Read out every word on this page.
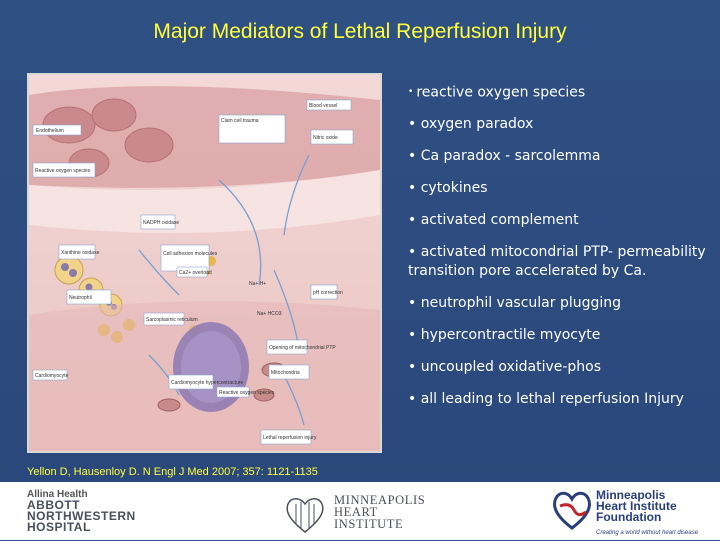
Major Mediators of Lethal Reperfusion Injury
Endothelium
Clam cell trauma
Blood vessel
Reactive oxygen species
NADPH oxidase
Cell adhesion molecules
Xanthine oxidase
Neutrophil
Ca2+ overload
Sarcoplasmic reticulum
Opening of mitochondrial PTP
Mitochondria
Cardiomyocyte hypercontracture
Cardiomyocyte
Reactive oxygen species
Lethal reperfusion injury
pH correction
Nitric oxide
Na+ H+
Na+ HCO3
• reactive oxygen species
• oxygen paradox
• Ca paradox - sarcolemma
• cytokines
• activated complement
• activated mitocondrial PTP- permeability transition pore accelerated by Ca.
• neutrophil vascular plugging
• hypercontractile myocyte
• uncoupled oxidative-phos
• all leading to lethal reperfusion Injury
Yellon D, Hausenloy D. N Engl J Med 2007; 357: 1121-1135
Allina Health
ABBOTT
NORTHWESTERN
HOSPITAL
MINNEAPOLIS
HEART
INSTITUTE
Minneapolis
Heart Institute
Foundation
Creating a world without heart disease
